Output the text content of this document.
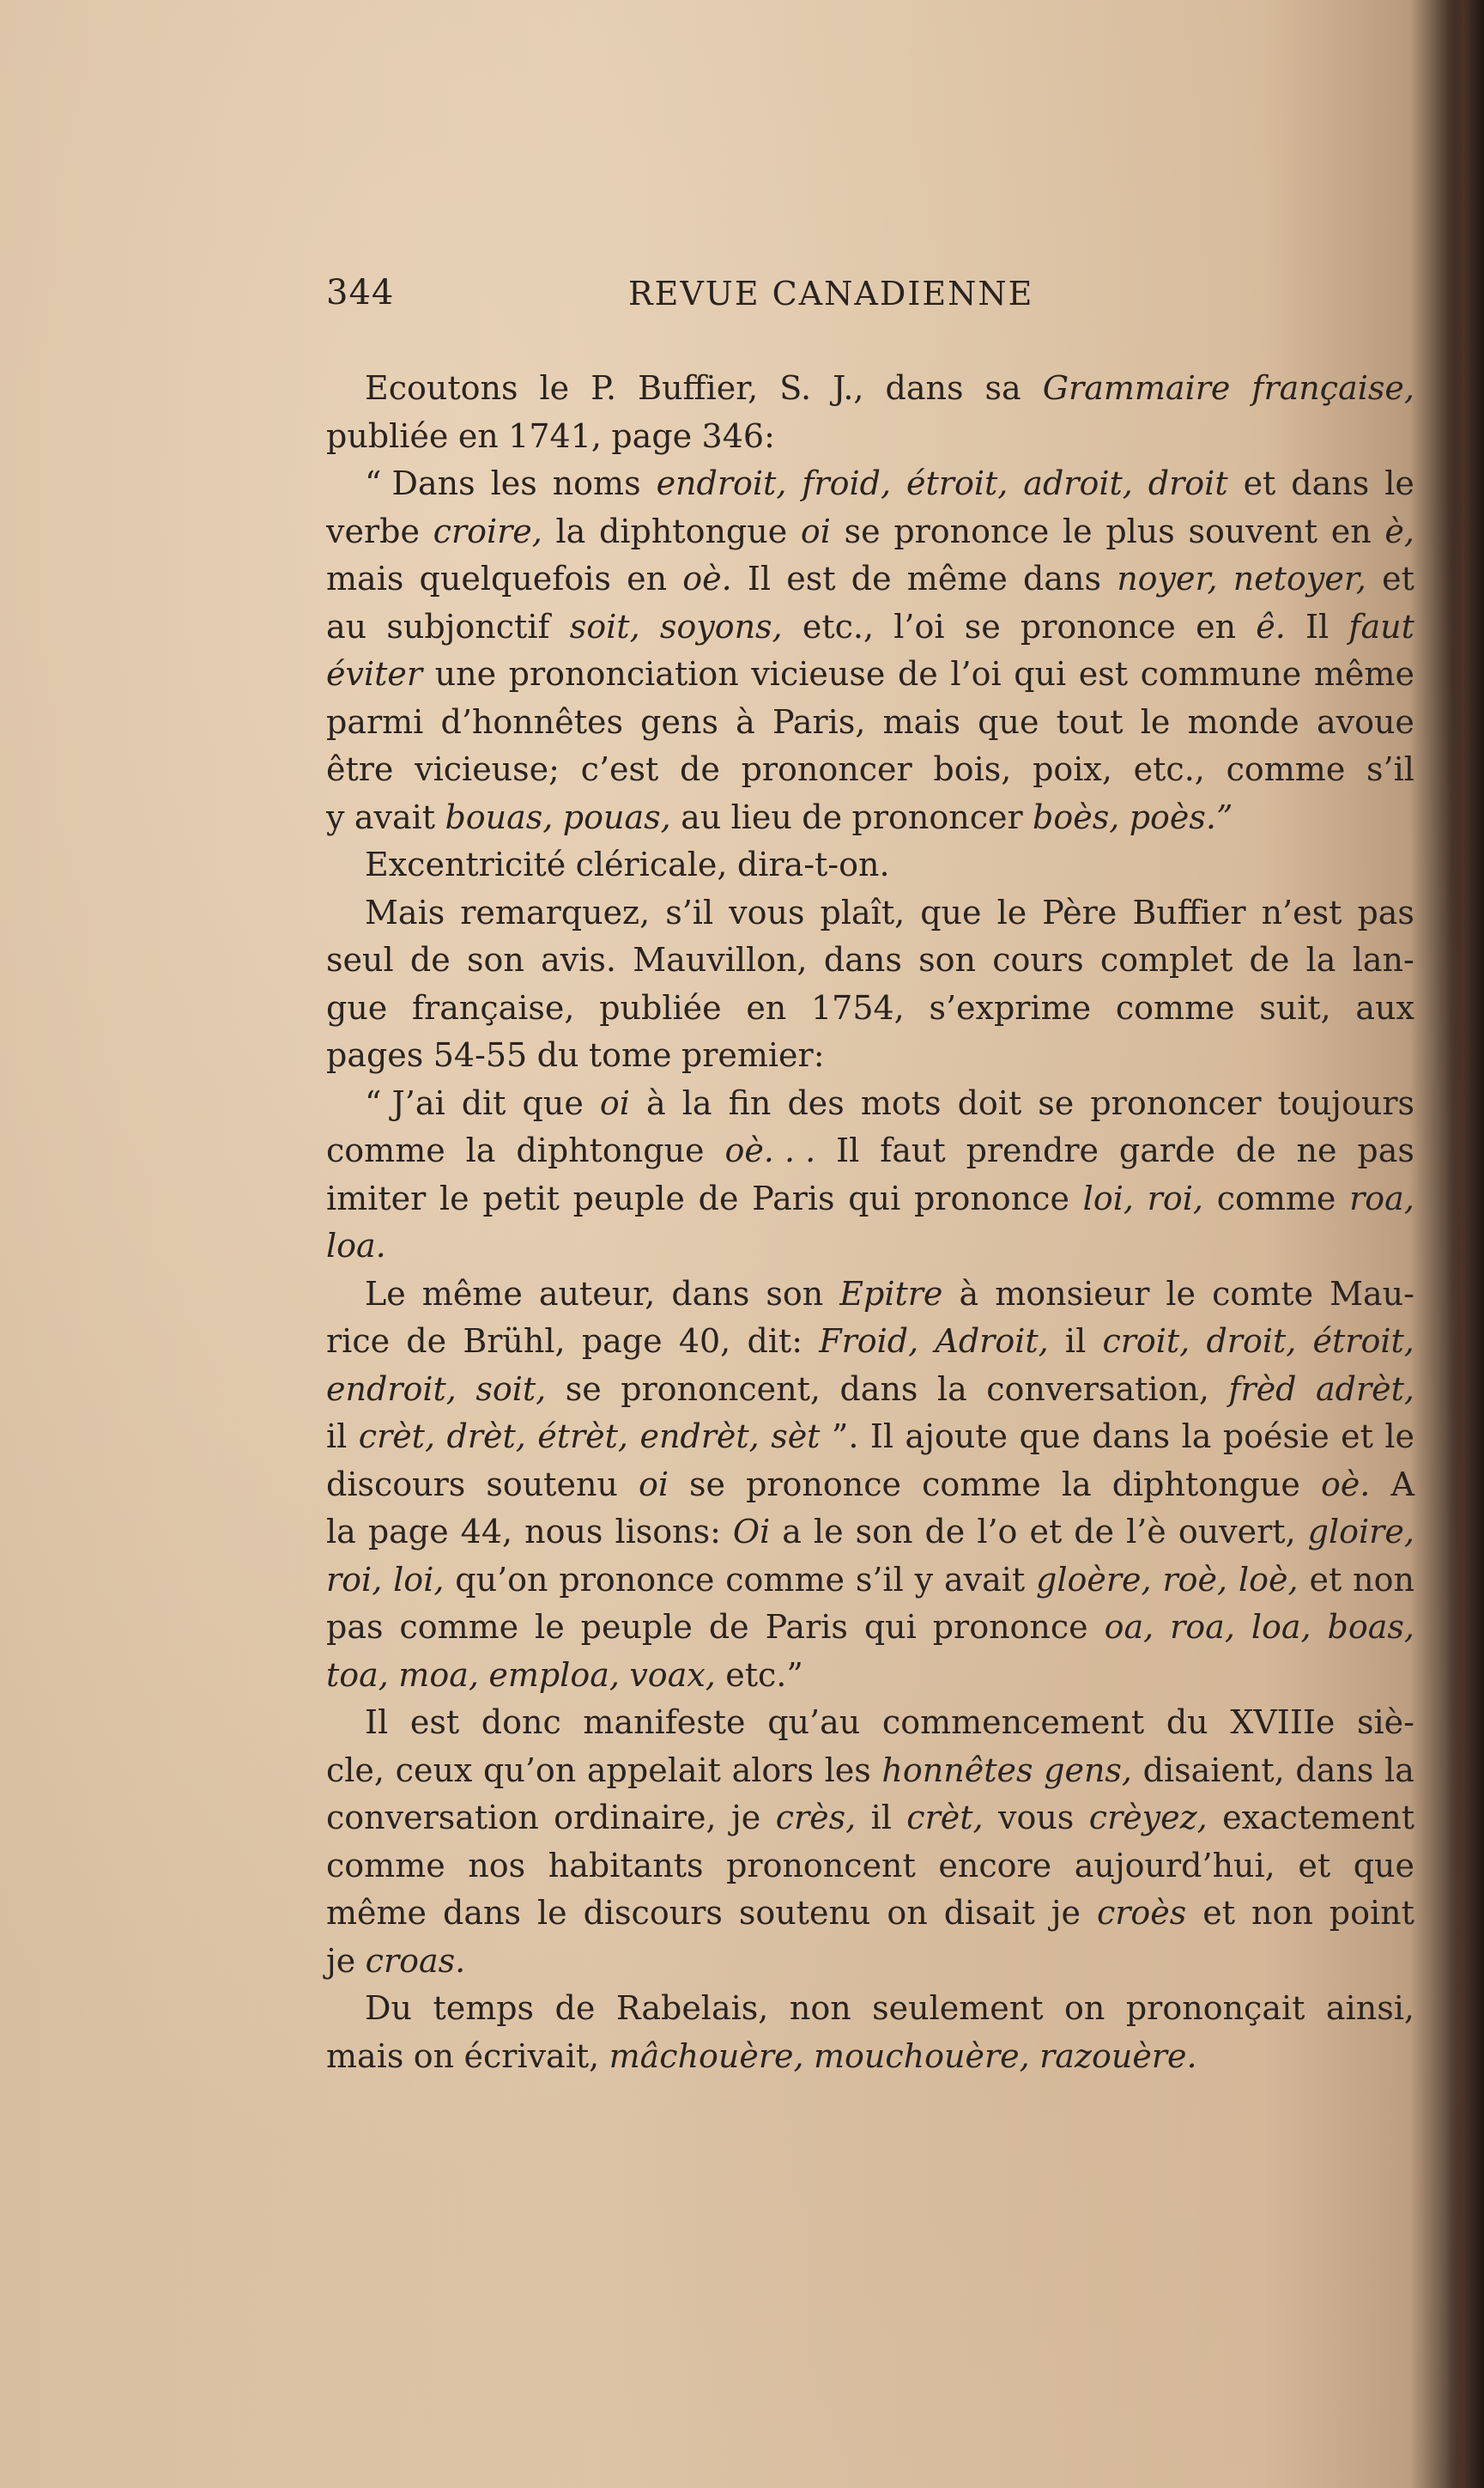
344	REVUE CANADIENNE
Ecoutons le P. Buffier, S. J., dans sa Grammaire française,
publiée en 1741, page 346:
“ Dans les noms endroit, froid, étroit, adroit, droit et dans le
verbe croire, la diphtongue oi se prononce le plus souvent en è,
mais quelquefois en oè. Il est de même dans noyer, netoyer, et
au subjonctif soit, soyons, etc., l’oi se prononce en ê. Il faut
éviter une prononciation vicieuse de l’oi qui est commune même
parmi d’honnêtes gens à Paris, mais que tout le monde avoue
être vicieuse; c’est de prononcer bois, poix, etc., comme s’il
y avait bouas, pouas, au lieu de prononcer boès, poès.”
Excentricité cléricale, dira-t-on.
Mais remarquez, s’il vous plaît, que le Père Buffier n’est pas
seul de son avis. Mauvillon, dans son cours complet de la lan-
gue française, publiée en 1754, s’exprime comme suit, aux
pages 54-55 du tome premier:
“ J’ai dit que oi à la fin des mots doit se prononcer toujours
comme la diphtongue oè. . . Il faut prendre garde de ne pas
imiter le petit peuple de Paris qui prononce loi, roi, comme roa,
loa.
Le même auteur, dans son Epitre à monsieur le comte Mau-
rice de Brühl, page 40, dit: Froid, Adroit, il croit, droit, étroit,
endroit, soit, se prononcent, dans la conversation, frèd adrèt,
il crèt, drèt, étrèt, endrèt, sèt ”. Il ajoute que dans la poésie et le
discours soutenu oi se prononce comme la diphtongue oè. A
la page 44, nous lisons: Oi a le son de l’o et de l’è ouvert, gloire,
roi, loi, qu’on prononce comme s’il y avait gloère, roè, loè, et non
pas comme le peuple de Paris qui prononce oa, roa, loa, boas,
toa, moa, emploa, voax, etc.”
Il est donc manifeste qu’au commencement du XVIIIe siè-
cle, ceux qu’on appelait alors les honnêtes gens, disaient, dans la
conversation ordinaire, je crès, il crèt, vous crèyez, exactement
comme nos habitants prononcent encore aujourd’hui, et que
même dans le discours soutenu on disait je croès et non point
je croas.
Du temps de Rabelais, non seulement on prononçait ainsi,
mais on écrivait, mâchouère, mouchouère, razouère.
